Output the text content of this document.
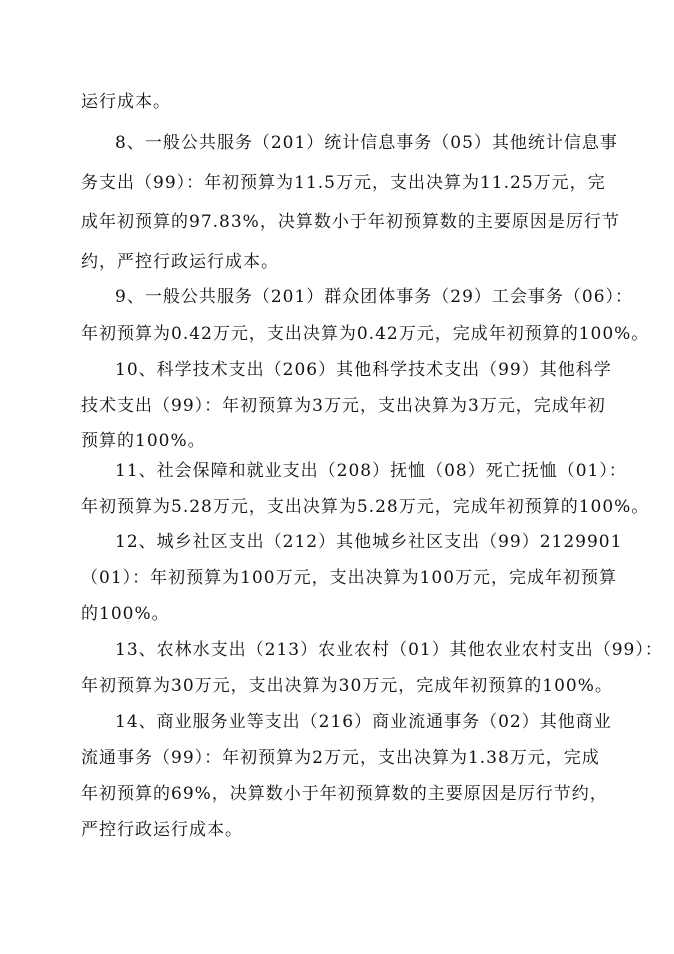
运行成本。
8、一般公共服务（201）统计信息事务（05）其他统计信息事
务支出（99）：年初预算为11.5万元，支出决算为11.25万元，完
成年初预算的97.83%，决算数小于年初预算数的主要原因是厉行节
约，严控行政运行成本。
9、一般公共服务（201）群众团体事务（29）工会事务（06）：
年初预算为0.42万元，支出决算为0.42万元，完成年初预算的100%。
10、科学技术支出（206）其他科学技术支出（99）其他科学
技术支出（99）：年初预算为3万元，支出决算为3万元，完成年初
预算的100%。
11、社会保障和就业支出（208）抚恤（08）死亡抚恤（01）：
年初预算为5.28万元，支出决算为5.28万元，完成年初预算的100%。
12、城乡社区支出（212）其他城乡社区支出（99）2129901
（01）：年初预算为100万元，支出决算为100万元，完成年初预算
的100%。
13、农林水支出（213）农业农村（01）其他农业农村支出（99）：
年初预算为30万元，支出决算为30万元，完成年初预算的100%。
14、商业服务业等支出（216）商业流通事务（02）其他商业
流通事务（99）：年初预算为2万元，支出决算为1.38万元，完成
年初预算的69%，决算数小于年初预算数的主要原因是厉行节约，
严控行政运行成本。
